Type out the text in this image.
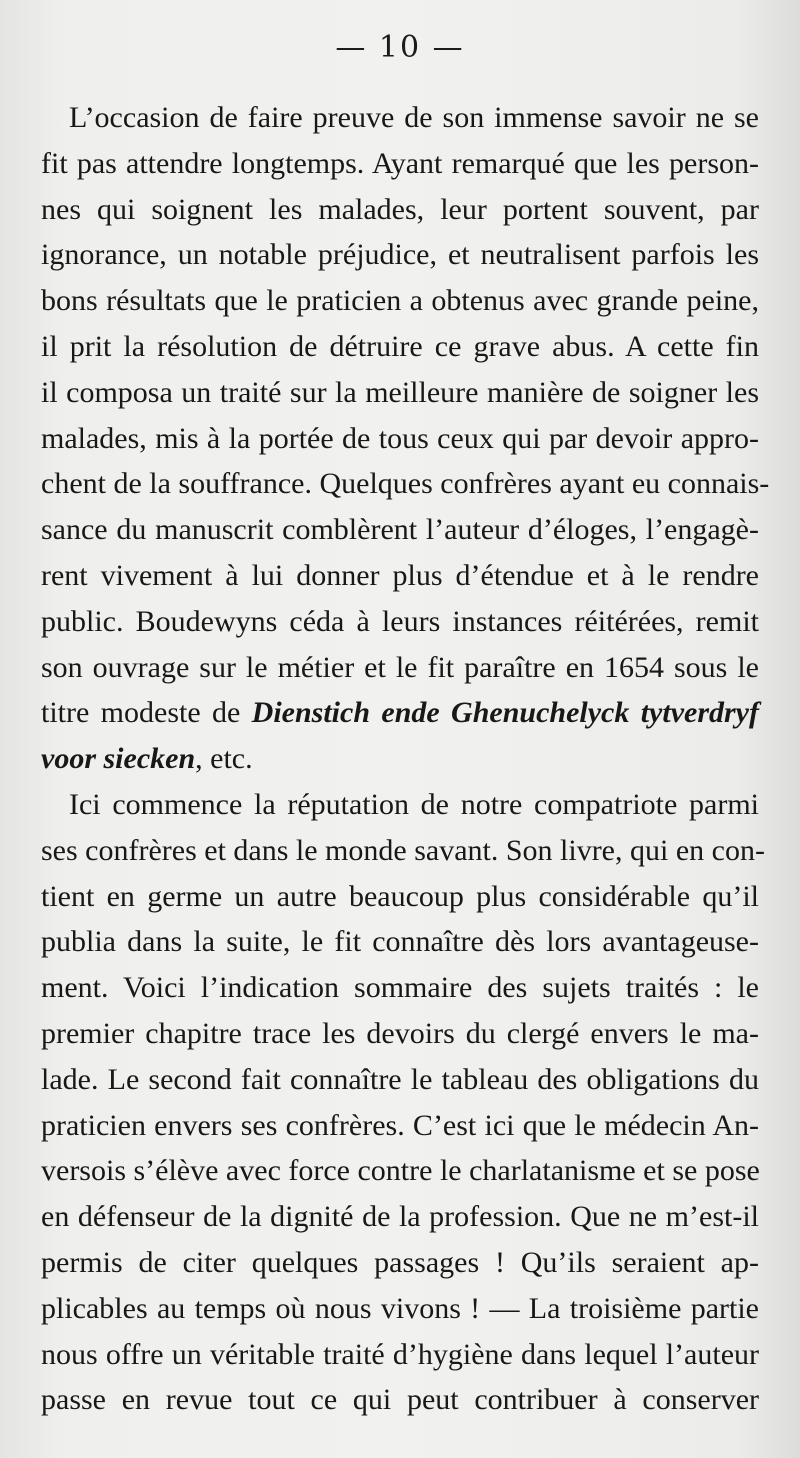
— 10 —
L’occasion de faire preuve de son immense savoir ne se
fit pas attendre longtemps. Ayant remarqué que les person-
nes qui soignent les malades, leur portent souvent, par
ignorance, un notable préjudice, et neutralisent parfois les
bons résultats que le praticien a obtenus avec grande peine,
il prit la résolution de détruire ce grave abus. A cette fin
il composa un traité sur la meilleure manière de soigner les
malades, mis à la portée de tous ceux qui par devoir appro-
chent de la souffrance. Quelques confrères ayant eu connais-
sance du manuscrit comblèrent l’auteur d’éloges, l’engagè-
rent vivement à lui donner plus d’étendue et à le rendre
public. Boudewyns céda à leurs instances réitérées, remit
son ouvrage sur le métier et le fit paraître en 1654 sous le
titre modeste de Dienstich ende Ghenuchelyck tytverdryf
voor siecken, etc.
Ici commence la réputation de notre compatriote parmi
ses confrères et dans le monde savant. Son livre, qui en con-
tient en germe un autre beaucoup plus considérable qu’il
publia dans la suite, le fit connaître dès lors avantageuse-
ment. Voici l’indication sommaire des sujets traités : le
premier chapitre trace les devoirs du clergé envers le ma-
lade. Le second fait connaître le tableau des obligations du
praticien envers ses confrères. C’est ici que le médecin An-
versois s’élève avec force contre le charlatanisme et se pose
en défenseur de la dignité de la profession. Que ne m’est-il
permis de citer quelques passages ! Qu’ils seraient ap-
plicables au temps où nous vivons ! — La troisième partie
nous offre un véritable traité d’hygiène dans lequel l’auteur
passe en revue tout ce qui peut contribuer à conserver
